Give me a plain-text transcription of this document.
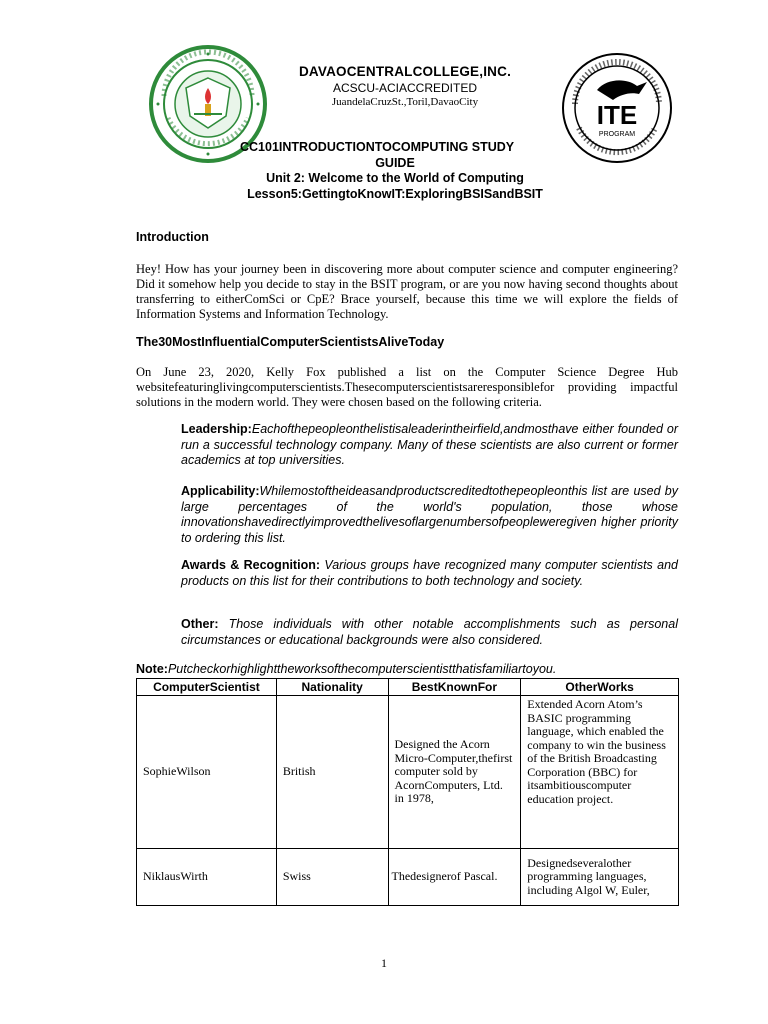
DAVAOCENTRALCOLLEGE,INC.
ACSCU-ACIACCREDITED
JuandelaCruzSt.,Toril,DavaoCity	ITE
PROGRAM
CC101INTRODUCTIONTOCOMPUTING STUDY
GUIDE
Unit 2: Welcome to the World of Computing
Lesson5:GettingtoKnowIT:ExploringBSISandBSIT
Introduction
Hey! How has your journey been in discovering more about computer science and computer engineering? Did it somehow help you decide to stay in the BSIT program, or are you now having second thoughts about transferring to eitherComSci or CpE? Brace yourself, because this time we will explore the fields of Information Systems and Information Technology.
The30MostInfluentialComputerScientistsAliveToday
On June 23, 2020, Kelly Fox published a list on the Computer Science Degree Hub websitefeaturinglivingcomputerscientists.Thesecomputerscientistsareresponsiblefor providing impactful solutions in the modern world. They were chosen based on the following criteria.
Leadership:Eachofthepeopleonthelistisaleaderintheirfield,andmosthave either founded or run a successful technology company. Many of these scientists are also current or former academics at top universities.
Applicability:Whilemostoftheideasandproductscreditedtothepeopleonthis list are used by large percentages of the world's population, those whose innovationshavedirectlyimprovedthelivesoflargenumbersofpeopleweregiven higher priority to ordering this list.
Awards & Recognition: Various groups have recognized many computer scientists and products on this list for their contributions to both technology and society.
Other: Those individuals with other notable accomplishments such as personal circumstances or educational backgrounds were also considered.
Note:Putcheckorhighlighttheworksofthecomputerscientistthatisfamiliartoyou.
ComputerScientist	Nationality	BestKnownFor	OtherWorks
SophieWilson	British	Designed the Acorn Micro-Computer,thefirst computer sold by AcornComputers, Ltd. in 1978,	Extended Acorn Atom’s BASIC programming language, which enabled the company to win the business of the British Broadcasting Corporation (BBC) for itsambitiouscomputer education project.
NiklausWirth	Swiss	Thedesignerof Pascal.	Designedseveralother programming languages, including Algol W, Euler,
1
